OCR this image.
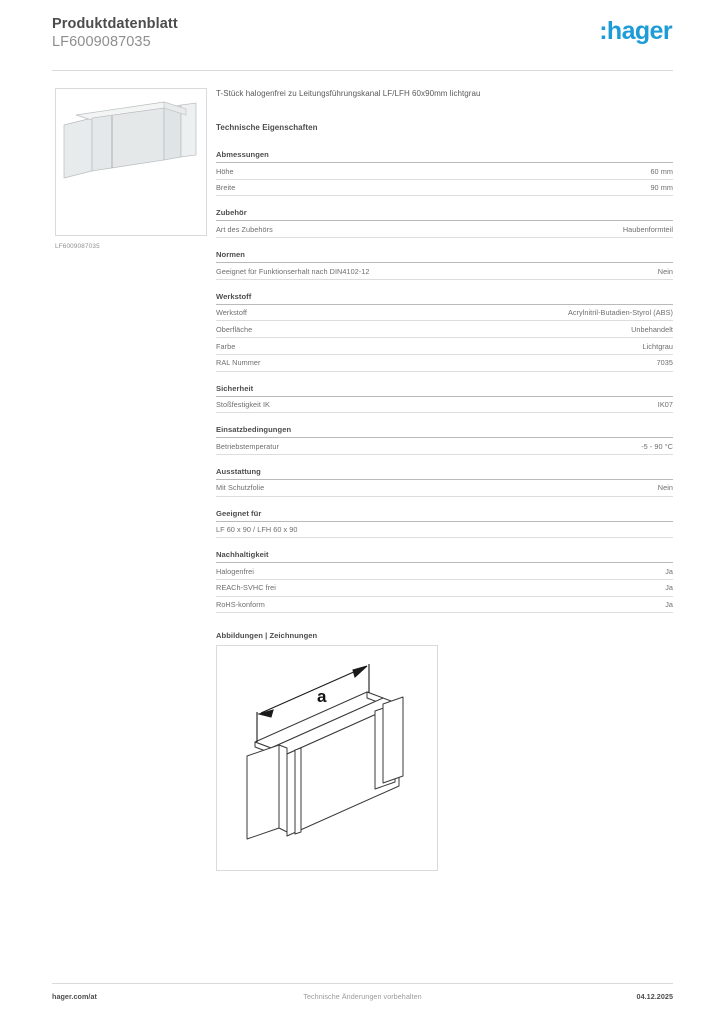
Produktdatenblatt
LF6009087035	:hager
LF6009087035
T-Stück halogenfrei zu Leitungsführungskanal LF/LFH 60x90mm lichtgrau
Technische Eigenschaften
Abmessungen
Höhe	60 mm
Breite	90 mm
Zubehör
Art des Zubehörs	Haubenformteil
Normen
Geeignet für Funktionserhalt nach DIN4102-12	Nein
Werkstoff
Werkstoff	Acrylnitril-Butadien-Styrol (ABS)
Oberfläche	Unbehandelt
Farbe	Lichtgrau
RAL Nummer	7035
Sicherheit
Stoßfestigkeit IK	IK07
Einsatzbedingungen
Betriebstemperatur	-5 - 90 °C
Ausstattung
Mit Schutzfolie	Nein
Geeignet für
LF 60 x 90 / LFH 60 x 90
Nachhaltigkeit
Halogenfrei	Ja
REACh-SVHC frei	Ja
RoHS-konform	Ja
Abbildungen | Zeichnungen
a
hager.com/at	Technische Änderungen vorbehalten	04.12.2025
